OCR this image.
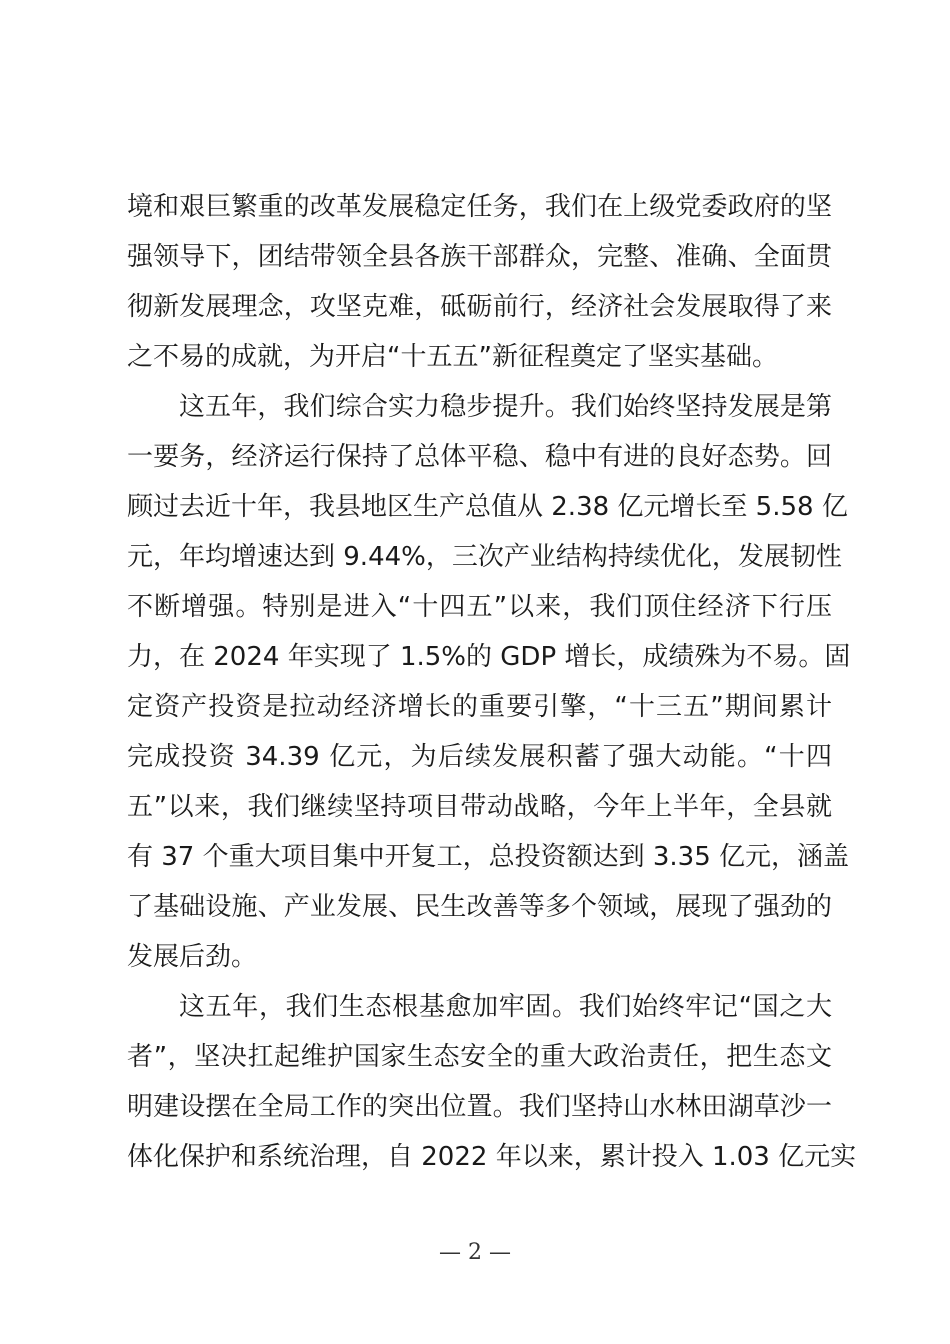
境和艰巨繁重的改革发展稳定任务，我们在上级党委政府的坚
强领导下，团结带领全县各族干部群众，完整、准确、全面贯
彻新发展理念，攻坚克难，砥砺前行，经济社会发展取得了来
之不易的成就，为开启“十五五”新征程奠定了坚实基础。
这五年，我们综合实力稳步提升。我们始终坚持发展是第
一要务，经济运行保持了总体平稳、稳中有进的良好态势。回
顾过去近十年，我县地区生产总值从 2.38 亿元增长至 5.58 亿
元，年均增速达到 9.44%，三次产业结构持续优化，发展韧性
不断增强。特别是进入“十四五”以来，我们顶住经济下行压
力，在 2024 年实现了 1.5%的 GDP 增长，成绩殊为不易。固
定资产投资是拉动经济增长的重要引擎，“十三五”期间累计
完成投资 34.39 亿元，为后续发展积蓄了强大动能。“十四
五”以来，我们继续坚持项目带动战略，今年上半年，全县就
有 37 个重大项目集中开复工，总投资额达到 3.35 亿元，涵盖
了基础设施、产业发展、民生改善等多个领域，展现了强劲的
发展后劲。
这五年，我们生态根基愈加牢固。我们始终牢记“国之大
者”，坚决扛起维护国家生态安全的重大政治责任，把生态文
明建设摆在全局工作的突出位置。我们坚持山水林田湖草沙一
体化保护和系统治理，自 2022 年以来，累计投入 1.03 亿元实
— 2 —
